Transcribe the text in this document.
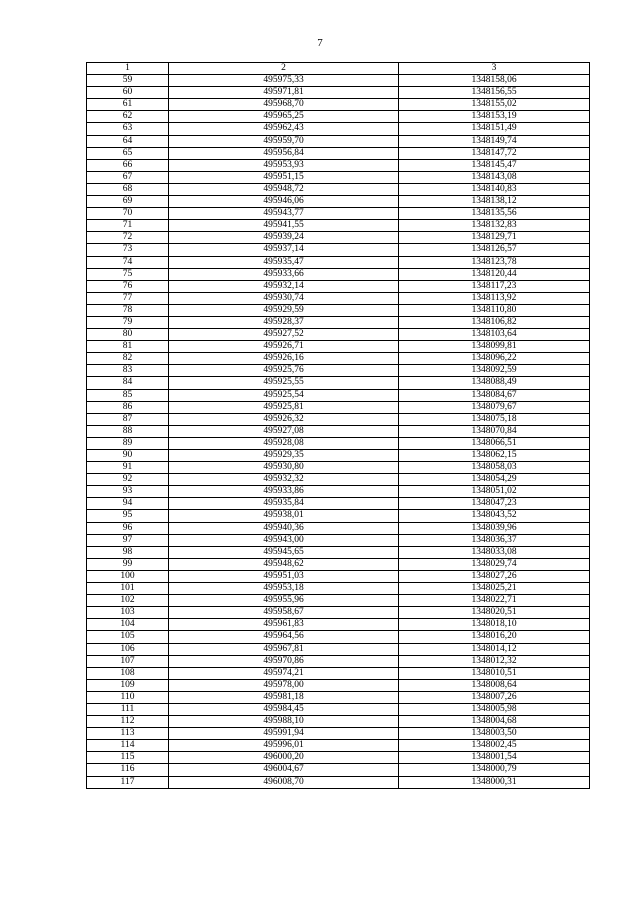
7
1	2	3
59	495975,33	1348158,06
60	495971,81	1348156,55
61	495968,70	1348155,02
62	495965,25	1348153,19
63	495962,43	1348151,49
64	495959,70	1348149,74
65	495956,84	1348147,72
66	495953,93	1348145,47
67	495951,15	1348143,08
68	495948,72	1348140,83
69	495946,06	1348138,12
70	495943,77	1348135,56
71	495941,55	1348132,83
72	495939,24	1348129,71
73	495937,14	1348126,57
74	495935,47	1348123,78
75	495933,66	1348120,44
76	495932,14	1348117,23
77	495930,74	1348113,92
78	495929,59	1348110,80
79	495928,37	1348106,82
80	495927,52	1348103,64
81	495926,71	1348099,81
82	495926,16	1348096,22
83	495925,76	1348092,59
84	495925,55	1348088,49
85	495925,54	1348084,67
86	495925,81	1348079,67
87	495926,32	1348075,18
88	495927,08	1348070,84
89	495928,08	1348066,51
90	495929,35	1348062,15
91	495930,80	1348058,03
92	495932,32	1348054,29
93	495933,86	1348051,02
94	495935,84	1348047,23
95	495938,01	1348043,52
96	495940,36	1348039,96
97	495943,00	1348036,37
98	495945,65	1348033,08
99	495948,62	1348029,74
100	495951,03	1348027,26
101	495953,18	1348025,21
102	495955,96	1348022,71
103	495958,67	1348020,51
104	495961,83	1348018,10
105	495964,56	1348016,20
106	495967,81	1348014,12
107	495970,86	1348012,32
108	495974,21	1348010,51
109	495978,00	1348008,64
110	495981,18	1348007,26
111	495984,45	1348005,98
112	495988,10	1348004,68
113	495991,94	1348003,50
114	495996,01	1348002,45
115	496000,20	1348001,54
116	496004,67	1348000,79
117	496008,70	1348000,31
